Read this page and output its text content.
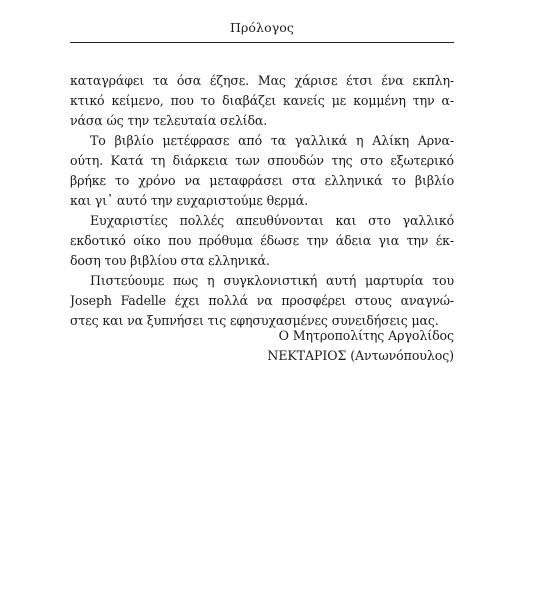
Πρόλογος
καταγράφει τα όσα έζησε. Μας χάρισε έτσι ένα εκπλη-
κτικό κείμενο, που το διαβάζει κανείς με κομμένη την α-
νάσα ώς την τελευταία σελίδα.
Το βιβλίο μετέφρασε από τα γαλλικά η Αλίκη Αρνα-
ούτη. Κατά τη διάρκεια των σπουδών της στο εξωτερικό
βρήκε το χρόνο να μεταφράσει στα ελληνικά το βιβλίο
και γι᾽ αυτό την ευχαριστούμε θερμά.
Ευχαριστίες πολλές απευθύνονται και στο γαλλικό
εκδοτικό οίκο που πρόθυμα έδωσε την άδεια για την έκ-
δοση του βιβλίου στα ελληνικά.
Πιστεύουμε πως η συγκλονιστική αυτή μαρτυρία του
Joseph Fadelle έχει πολλά να προσφέρει στους αναγνώ-
στες και να ξυπνήσει τις εφησυχασμένες συνειδήσεις μας.
Ο Μητροπολίτης Αργολίδος
ΝΕΚΤΑΡΙΟΣ (Αντωνόπουλος)
